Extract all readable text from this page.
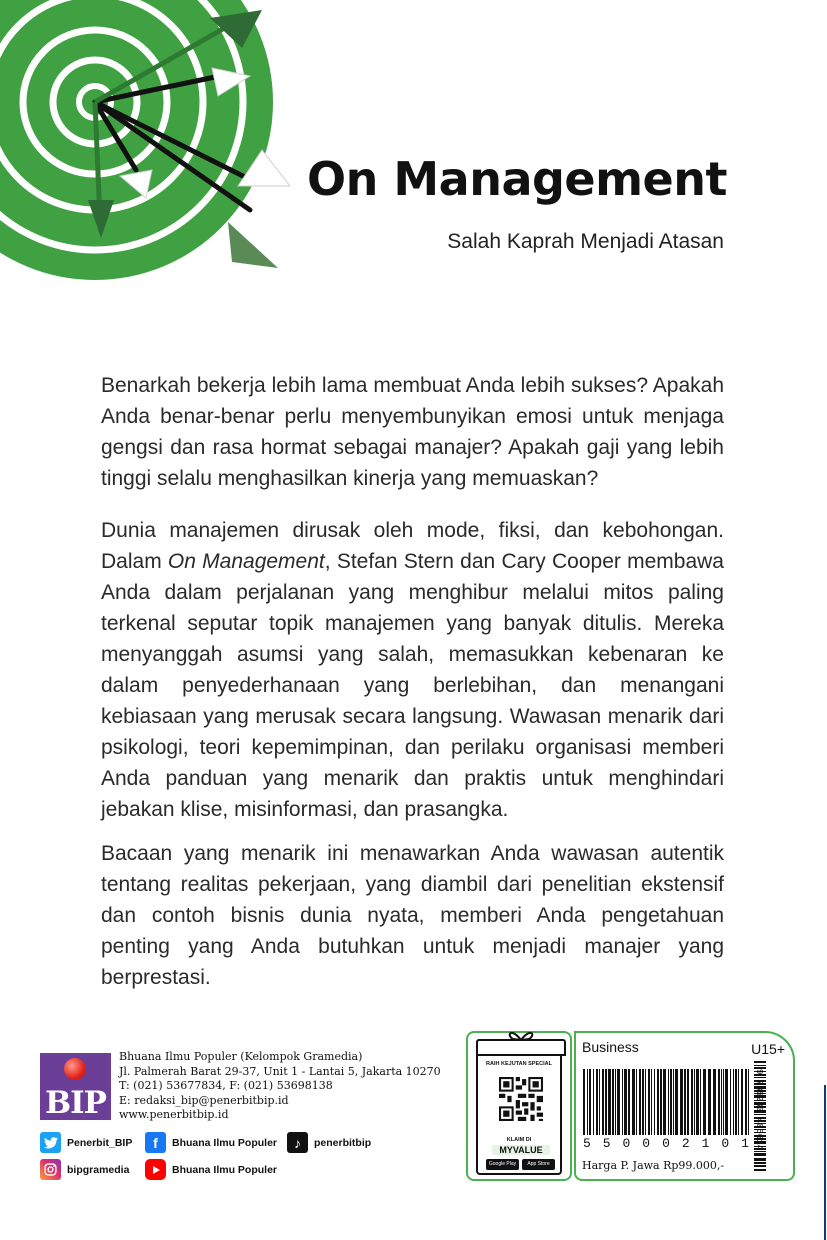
On Management

Salah Kaprah Menjadi Atasan

Benarkah bekerja lebih lama membuat Anda lebih sukses? Apakah Anda benar-benar perlu menyembunyikan emosi untuk menjaga gengsi dan rasa hormat sebagai manajer? Apakah gaji yang lebih tinggi selalu menghasilkan kinerja yang memuaskan?

Dunia manajemen dirusak oleh mode, fiksi, dan kebohongan. Dalam On Management, Stefan Stern dan Cary Cooper membawa Anda dalam perjalanan yang menghibur melalui mitos paling terkenal seputar topik manajemen yang banyak ditulis. Mereka menyanggah asumsi yang salah, memasukkan kebenaran ke dalam penyederhanaan yang berlebihan, dan menangani kebiasaan yang merusak secara langsung. Wawasan menarik dari psikologi, teori kepemimpinan, dan perilaku organisasi memberi Anda panduan yang menarik dan praktis untuk menghindari jebakan klise, misinformasi, dan prasangka.

Bacaan yang menarik ini menawarkan Anda wawasan autentik tentang realitas pekerjaan, yang diambil dari penelitian ekstensif dan contoh bisnis dunia nyata, memberi Anda pengetahuan penting yang Anda butuhkan untuk menjadi manajer yang berprestasi.

BIP
Bhuana Ilmu Populer (Kelompok Gramedia)
Jl. Palmerah Barat 29-37, Unit 1 - Lantai 5, Jakarta 10270
T: (021) 53677834, F: (021) 53698138
E: redaksi_bip@penerbitbip.id
www.penerbitbip.id
Penerbit_BIP	f	Bhuana Ilmu Populer	♪	penerbitbip
bipgramedia	Bhuana Ilmu Populer
RAIH KEJUTAN SPECIAL
KLAIM DI
MYVALUE
Google Play	App Store
Business	U15+
5 5 0 0 0 2 1 0 1 9 786230 406614
Harga P. Jawa Rp99.000,-
